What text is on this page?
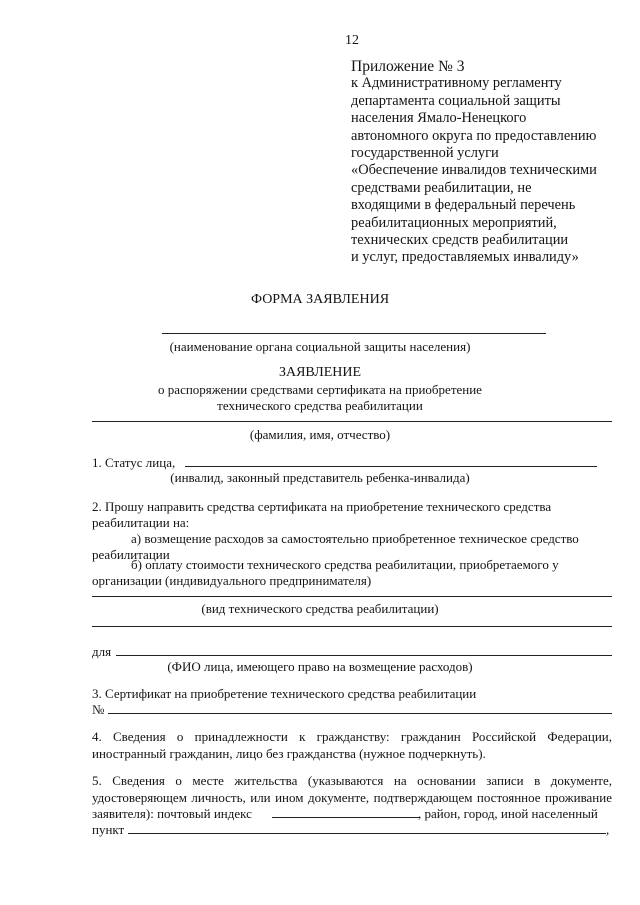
12
Приложение № 3
к Административному регламенту
департамента социальной защиты
населения Ямало-Ненецкого
автономного округа по предоставлению
государственной услуги
«Обеспечение инвалидов техническими
средствами реабилитации, не
входящими в федеральный перечень
реабилитационных мероприятий,
технических средств реабилитации
и услуг, предоставляемых инвалиду»
ФОРМА ЗАЯВЛЕНИЯ
(наименование органа социальной защиты населения)
ЗАЯВЛЕНИЕ
о распоряжении средствами сертификата на приобретение
технического средства реабилитации
(фамилия, имя, отчество)
1. Статус лица,
(инвалид, законный представитель ребенка-инвалида)
2. Прошу направить средства сертификата на приобретение технического средства
реабилитации на:
а) возмещение расходов за самостоятельно приобретенное техническое средство
реабилитации
б) оплату стоимости технического средства реабилитации, приобретаемого у
организации (индивидуального предпринимателя)
(вид технического средства реабилитации)
для
(ФИО лица, имеющего право на возмещение расходов)
3. Сертификат на приобретение технического средства реабилитации
№
4. Сведения о принадлежности к гражданству: гражданин Российской Федерации,
иностранный гражданин, лицо без гражданства (нужное подчеркнуть).
5. Сведения о месте жительства (указываются на основании записи в документе,
удостоверяющем личность, или ином документе, подтверждающем постоянное проживание
заявителя): почтовый индекс	, район, город, иной населенный
пункт	,
